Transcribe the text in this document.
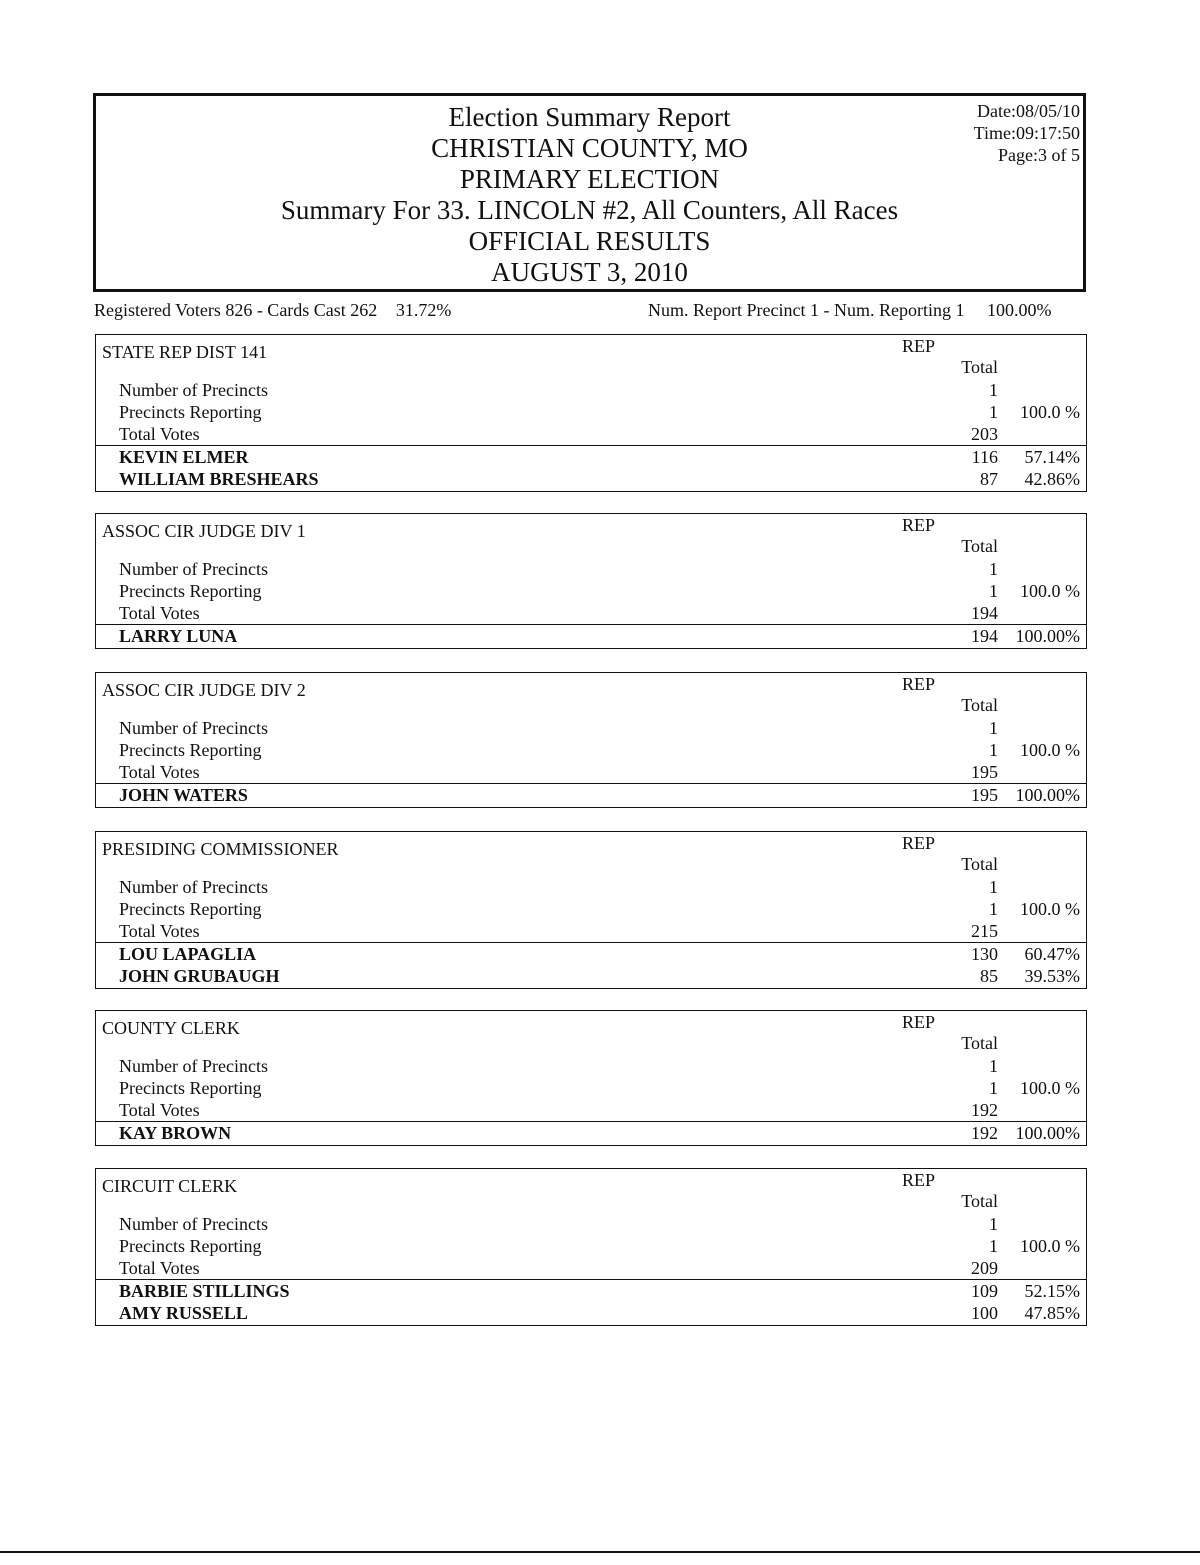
Election Summary Report
CHRISTIAN COUNTY, MO
PRIMARY ELECTION
Summary For 33. LINCOLN #2, All Counters, All Races
OFFICIAL RESULTS
AUGUST 3, 2010
Date:08/05/10
Time:09:17:50
Page:3 of 5
Registered Voters 826 - Cards Cast 262 31.72%	Num. Report Precinct 1 - Num. Reporting 1 100.00%
STATE REP DIST 141	REP
Total
Number of Precincts	1
Precincts Reporting	1 100.0 %
Total Votes	203
KEVIN ELMER	116 57.14%
WILLIAM BRESHEARS	87 42.86%
ASSOC CIR JUDGE DIV 1	REP
Total
Number of Precincts	1
Precincts Reporting	1 100.0 %
Total Votes	194
LARRY LUNA	194 100.00%
ASSOC CIR JUDGE DIV 2	REP
Total
Number of Precincts	1
Precincts Reporting	1 100.0 %
Total Votes	195
JOHN WATERS	195 100.00%
PRESIDING COMMISSIONER	REP
Total
Number of Precincts	1
Precincts Reporting	1 100.0 %
Total Votes	215
LOU LAPAGLIA	130 60.47%
JOHN GRUBAUGH	85 39.53%
COUNTY CLERK	REP
Total
Number of Precincts	1
Precincts Reporting	1 100.0 %
Total Votes	192
KAY BROWN	192 100.00%
CIRCUIT CLERK	REP
Total
Number of Precincts	1
Precincts Reporting	1 100.0 %
Total Votes	209
BARBIE STILLINGS	109 52.15%
AMY RUSSELL	100 47.85%
